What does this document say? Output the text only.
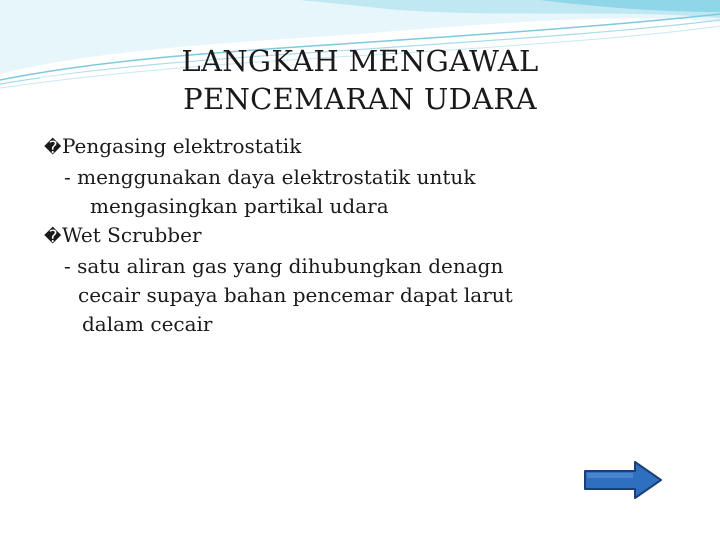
LANGKAH MENGAWAL
PENCEMARAN UDARA
�Pengasing elektrostatik
- menggunakan daya elektrostatik untuk
mengasingkan partikal udara
�Wet Scrubber
- satu aliran gas yang dihubungkan denagn
cecair supaya bahan pencemar dapat larut
dalam cecair
